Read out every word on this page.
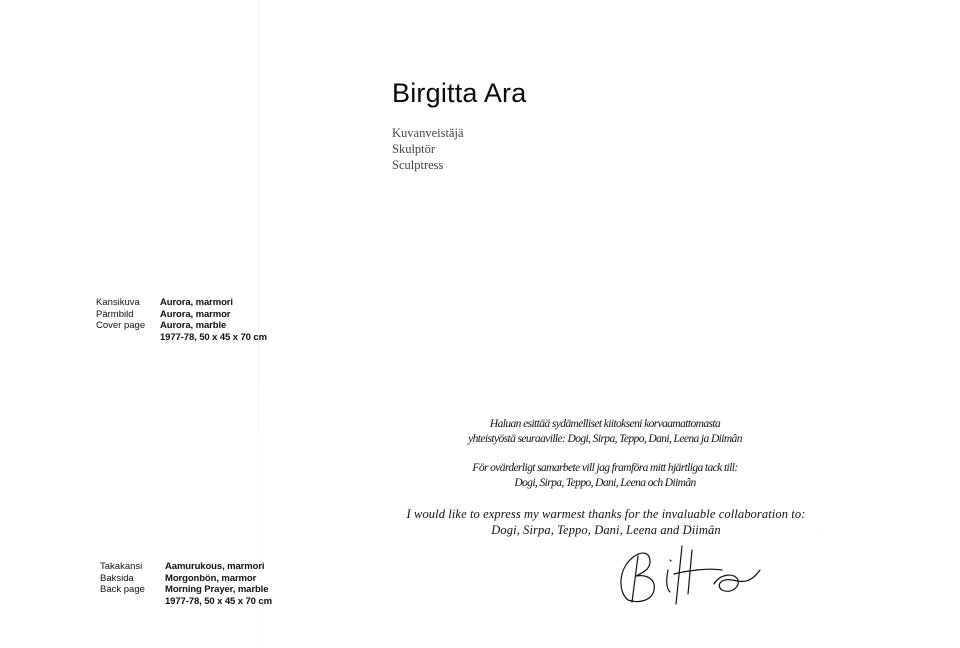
Birgitta Ara
Kuvanveistäjä
Skulptör
Sculptress
Kansikuva
Pärmbild
Cover page
Aurora, marmori
Aurora, marmor
Aurora, marble
1977-78, 50 x 45 x 70 cm
Haluan esittää sydämelliset kiitokseni korvaamattomasta
yhteistyöstä seuraaville: Dogi, Sirpa, Teppo, Dani, Leena ja Diimân
För ovärderligt samarbete vill jag framföra mitt hjärtliga tack till:
Dogi, Sirpa, Teppo, Dani, Leena och Diimân
I would like to express my warmest thanks for the invaluable collaboration to:
Dogi, Sirpa, Teppo, Dani, Leena and Diimân	·
Takakansi
Baksida
Back page
Aamurukous, marmori
Morgonbön, marmor
Morning Prayer, marble
1977-78, 50 x 45 x 70 cm
